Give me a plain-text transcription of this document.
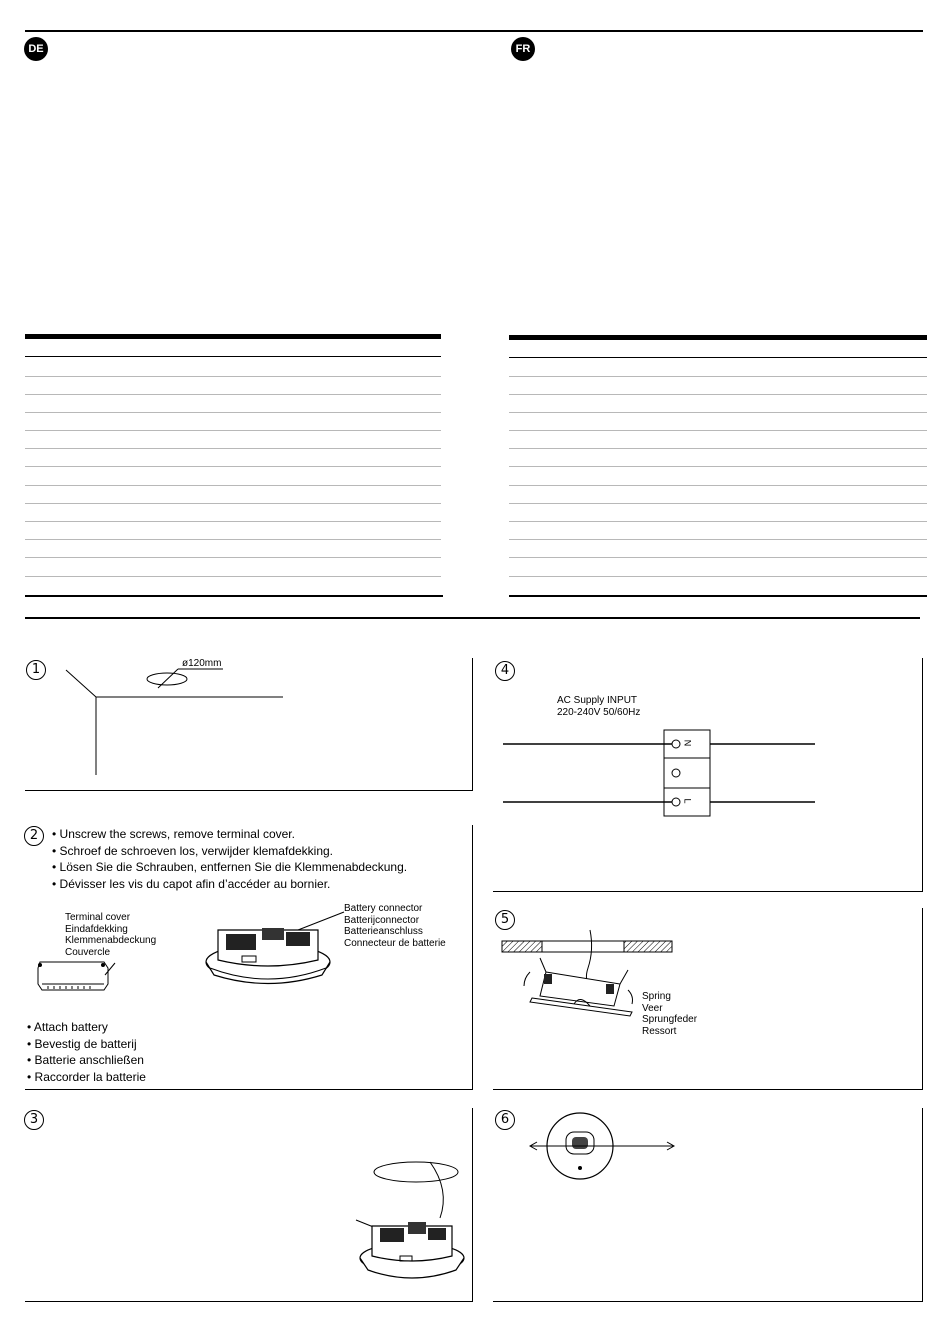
DE	FR
1	ø120mm
2
•	Unscrew the screws, remove terminal cover.
• Schroef de schroeven los, verwijder klemafdekking.
• Lösen Sie die Schrauben, entfernen Sie die Klemmenabdeckung.
• Dévisser les vis du capot afin d’accéder au bornier.
Terminal cover
Eindafdekking
Klemmenabdeckung
Couvercle
Battery connector
Batterijconnector
Batterieanschluss
Connecteur de batterie
• Attach battery
• Bevestig de batterij
• Batterie anschließen
• Raccorder la batterie
3
4
AC Supply INPUT
220-240V 50/60Hz
N
L
5
Spring
Veer
Sprungfeder
Ressort
6
